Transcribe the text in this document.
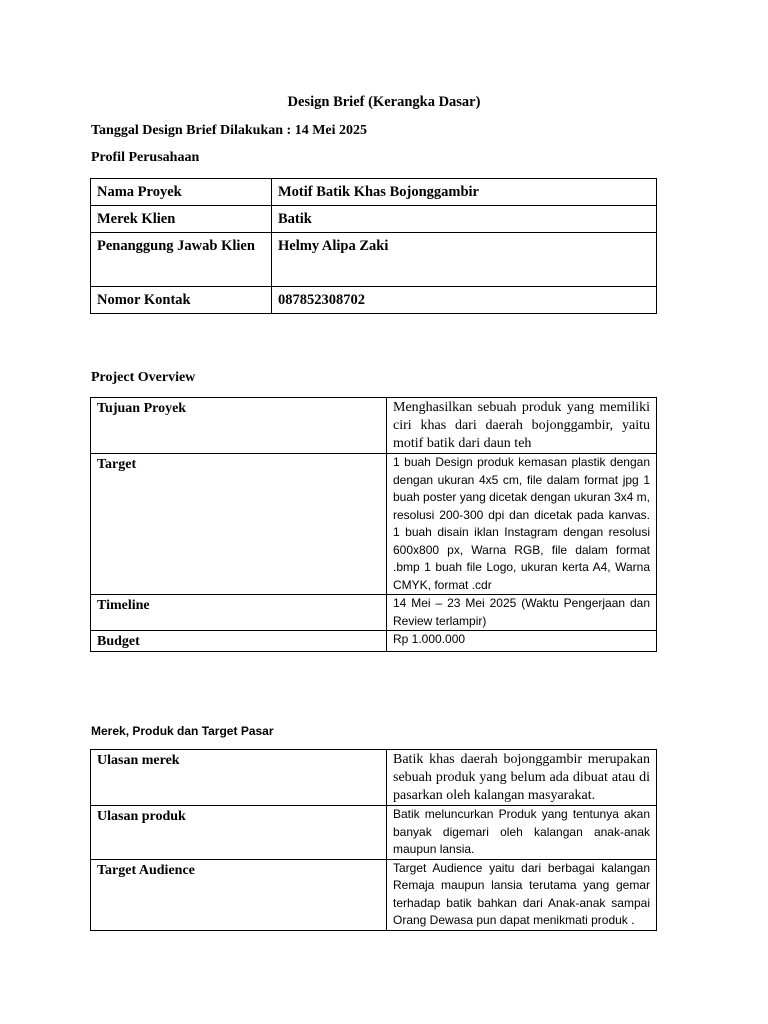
Design Brief (Kerangka Dasar)
Tanggal Design Brief Dilakukan : 14 Mei 2025
Profil Perusahaan
Nama Proyek	Motif Batik Khas Bojonggambir
Merek Klien	Batik
Penanggung Jawab Klien	Helmy Alipa Zaki
Nomor Kontak	087852308702
Project Overview
Tujuan Proyek	Menghasilkan sebuah produk yang memiliki ciri khas dari daerah bojonggambir, yaitu motif batik dari daun teh
Target	1 buah Design produk kemasan plastik dengan dengan ukuran 4x5 cm, file dalam format jpg 1 buah poster yang dicetak dengan ukuran 3x4 m, resolusi 200-300 dpi dan dicetak pada kanvas. 1 buah disain iklan Instagram dengan resolusi 600x800 px, Warna RGB, file dalam format .bmp 1 buah file Logo, ukuran kerta A4, Warna CMYK, format .cdr
Timeline	14 Mei – 23 Mei 2025 (Waktu Pengerjaan dan Review terlampir)
Budget	Rp 1.000.000
Merek, Produk dan Target Pasar
Ulasan merek	Batik khas daerah bojonggambir merupakan sebuah produk yang belum ada dibuat atau di pasarkan oleh kalangan masyarakat.
Ulasan produk	Batik meluncurkan Produk yang tentunya akan banyak digemari oleh kalangan anak-anak maupun lansia.
Target Audience	Target Audience yaitu dari berbagai kalangan Remaja maupun lansia terutama yang gemar terhadap batik bahkan dari Anak-anak sampai Orang Dewasa pun dapat menikmati produk .
